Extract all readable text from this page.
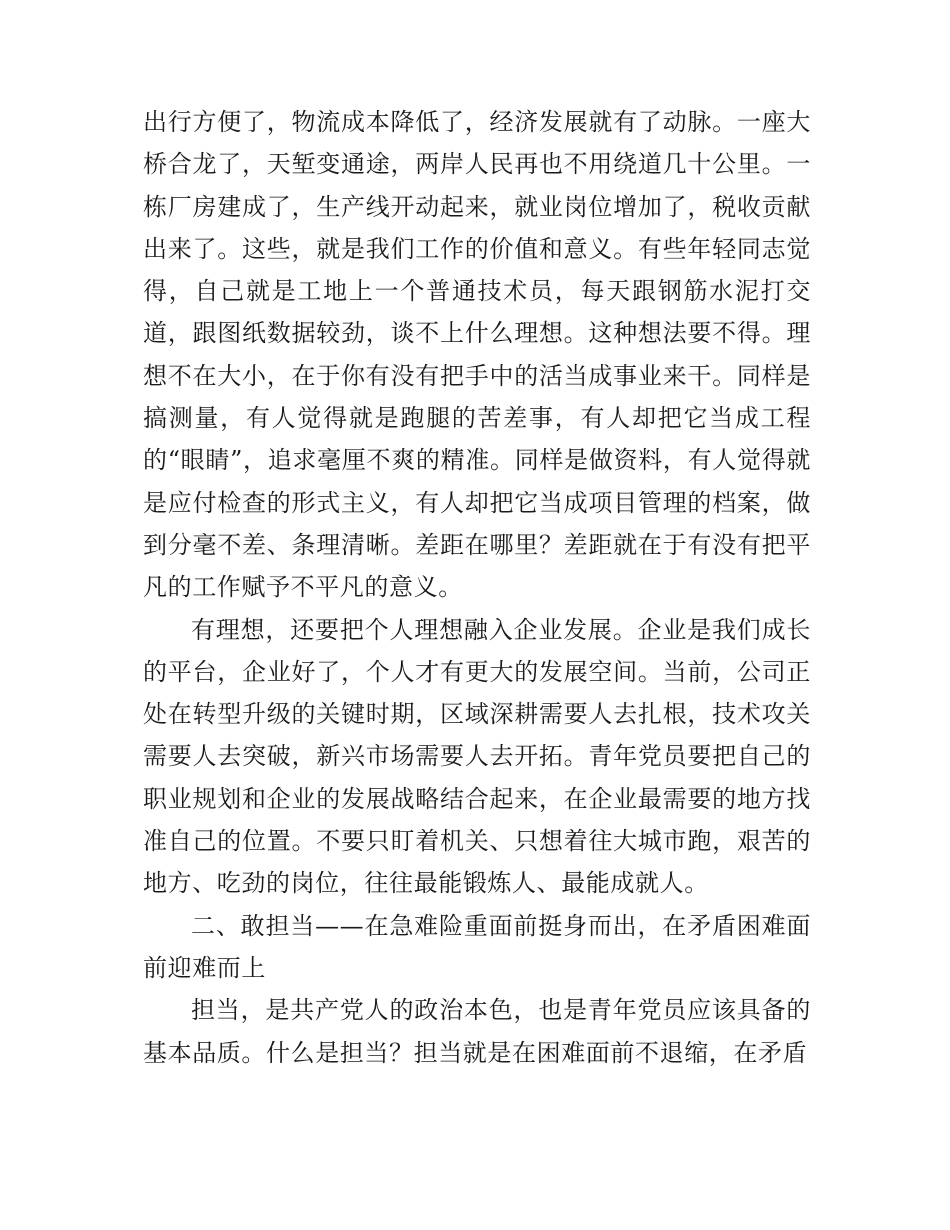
出行方便了，物流成本降低了，经济发展就有了动脉。一座大桥合龙了，天堑变通途，两岸人民再也不用绕道几十公里。一栋厂房建成了，生产线开动起来，就业岗位增加了，税收贡献出来了。这些，就是我们工作的价值和意义。有些年轻同志觉得，自己就是工地上一个普通技术员，每天跟钢筋水泥打交道，跟图纸数据较劲，谈不上什么理想。这种想法要不得。理想不在大小，在于你有没有把手中的活当成事业来干。同样是搞测量，有人觉得就是跑腿的苦差事，有人却把它当成工程的“眼睛”，追求毫厘不爽的精准。同样是做资料，有人觉得就是应付检查的形式主义，有人却把它当成项目管理的档案，做到分毫不差、条理清晰。差距在哪里？差距就在于有没有把平凡的工作赋予不平凡的意义。

有理想，还要把个人理想融入企业发展。企业是我们成长的平台，企业好了，个人才有更大的发展空间。当前，公司正处在转型升级的关键时期，区域深耕需要人去扎根，技术攻关需要人去突破，新兴市场需要人去开拓。青年党员要把自己的职业规划和企业的发展战略结合起来，在企业最需要的地方找准自己的位置。不要只盯着机关、只想着往大城市跑，艰苦的地方、吃劲的岗位，往往最能锻炼人、最能成就人。

二、敢担当——在急难险重面前挺身而出，在矛盾困难面前迎难而上

担当，是共产党人的政治本色，也是青年党员应该具备的基本品质。什么是担当？担当就是在困难面前不退缩，在矛盾
